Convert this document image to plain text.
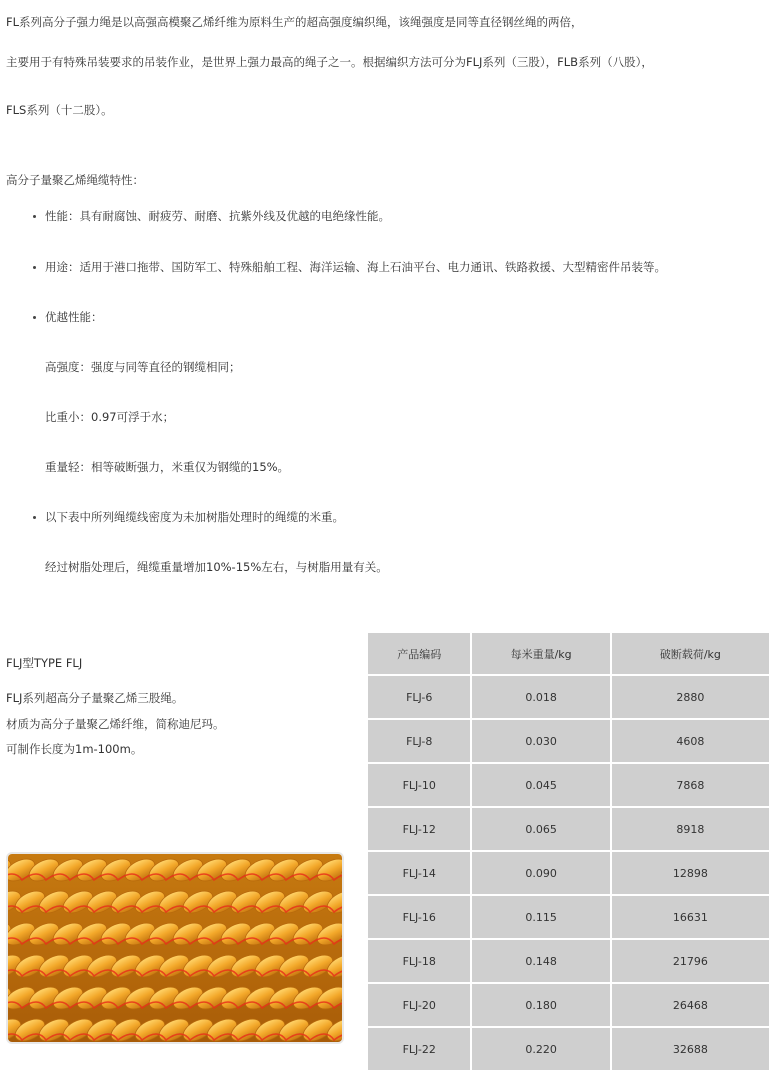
FL系列高分子强力绳是以高强高模聚乙烯纤维为原料生产的超高强度编织绳，该绳强度是同等直径钢丝绳的两倍，
主要用于有特殊吊装要求的吊装作业，是世界上强力最高的绳子之一。根据编织方法可分为FLJ系列（三股），FLB系列（八股），
FLS系列（十二股）。
高分子量聚乙烯绳缆特性：
性能：具有耐腐蚀、耐疲劳、耐磨、抗紫外线及优越的电绝缘性能。
用途：适用于港口拖带、国防军工、特殊船舶工程、海洋运输、海上石油平台、电力通讯、铁路救援、大型精密件吊装等。
优越性能：
高强度：强度与同等直径的钢缆相同；
比重小：0.97可浮于水；
重量轻：相等破断强力，米重仅为钢缆的15%。
以下表中所列绳缆线密度为未加树脂处理时的绳缆的米重。
经过树脂处理后，绳缆重量增加10%-15%左右，与树脂用量有关。
FLJ型TYPE FLJ
FLJ系列超高分子量聚乙烯三股绳。
材质为高分子量聚乙烯纤维，简称迪尼玛。
可制作长度为1m-100m。
产品编码	每米重量/kg	破断载荷/kg
FLJ-6	0.018	2880
FLJ-8	0.030	4608
FLJ-10	0.045	7868
FLJ-12	0.065	8918
FLJ-14	0.090	12898
FLJ-16	0.115	16631
FLJ-18	0.148	21796
FLJ-20	0.180	26468
FLJ-22	0.220	32688
